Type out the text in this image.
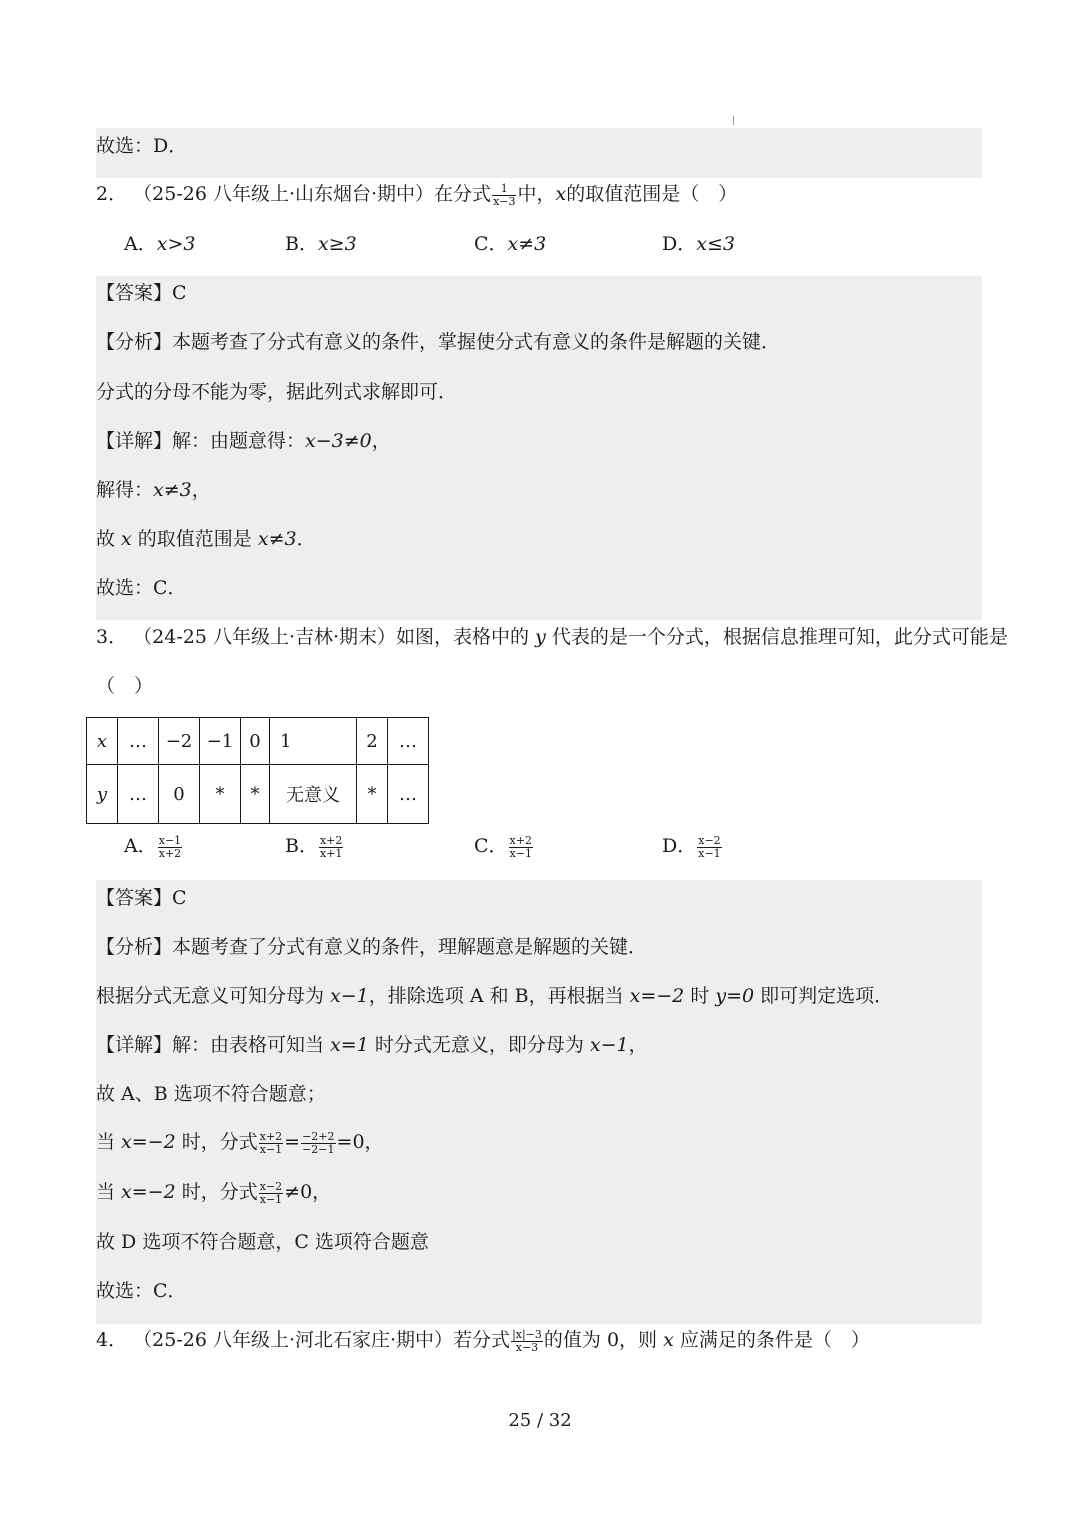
故选：D．
2． （25-26 八年级上·山东烟台·期中）在分式 $\frac{1}{x-3}$ 中，x的取值范围是（　）
A．x>3	B．x≥3	C．x≠3	D．x≤3
【答案】C
【分析】本题考查了分式有意义的条件，掌握使分式有意义的条件是解题的关键．
分式的分母不能为零，据此列式求解即可．
【详解】解：由题意得：x−3≠0，
解得：x≠3，
故 x 的取值范围是 x≠3．
故选：C．
3． （24-25 八年级上·吉林·期末）如图，表格中的 y 代表的是一个分式，根据信息推理可知，此分式可能是
（　）
x	…	−2	−1	0	1	2	…
y	…	0	*	*	无意义	*	…
A． $\frac{x-1}{x+2}$	B． $\frac{x+2}{x+1}$	C． $\frac{x+2}{x-1}$	D． $\frac{x-2}{x-1}$
【答案】C
【分析】本题考查了分式有意义的条件，理解题意是解题的关键．
根据分式无意义可知分母为 x−1，排除选项 A 和 B，再根据当 x=−2 时 y=0 即可判定选项．
【详解】解：由表格可知当 x=1 时分式无意义，即分母为 x−1，
故 A、B 选项不符合题意；
当 x=−2 时，分式 $\frac{x+2}{x-1} = \frac{-2+2}{-2-1} =0$，
当 x=−2 时，分式 $\frac{x-2}{x-1} \ne 0$，
故 D 选项不符合题意，C 选项符合题意
故选：C．
4． （25-26 八年级上·河北石家庄·期中）若分式 $\frac{|x|-3}{x-3}$ 的值为 0，则 x 应满足的条件是（　）
25 / 32
